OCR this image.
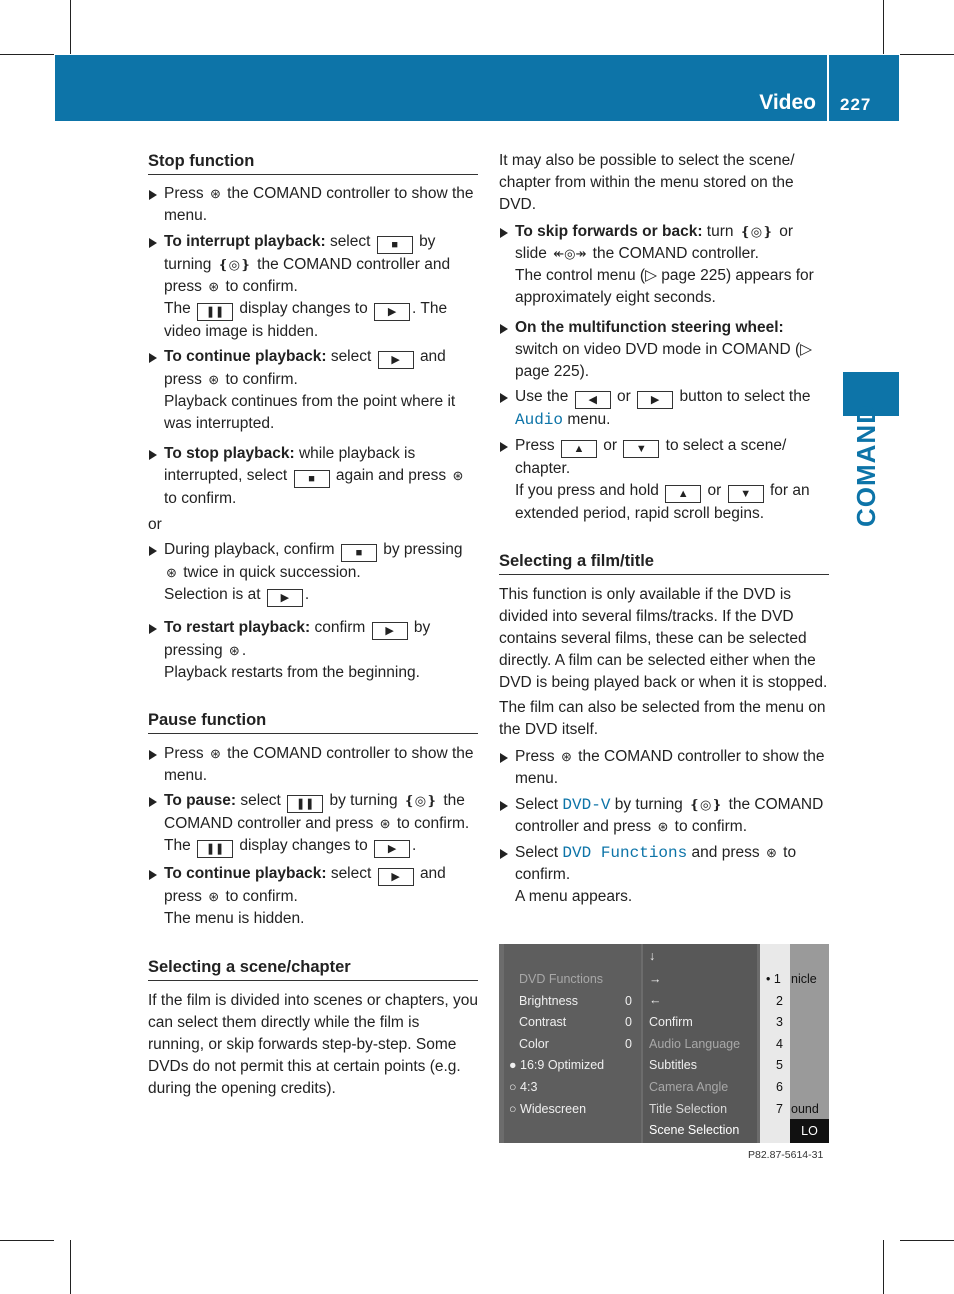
Video 227
COMAND
Stop function

Press ⊛ the COMAND controller to show the menu.

To interrupt playback: select ■ by turning ❴◎❵ the COMAND controller and press ⊛ to confirm.
The ❚❚ display changes to ▶ . The video image is hidden.

To continue playback: select ▶ and press ⊛ to confirm.
Playback continues from the point where it was interrupted.

To stop playback: while playback is interrupted, select ■ again and press ⊛ to confirm.

or

During playback, confirm ■ by pressing ⊛ twice in quick succession.
Selection is at ▶ .

To restart playback: confirm ▶ by pressing ⊛ .
Playback restarts from the beginning.

Pause function

Press ⊛ the COMAND controller to show the menu.

To pause: select ❚❚ by turning ❴◎❵ the COMAND controller and press ⊛ to confirm.
The ❚❚ display changes to ▶ .

To continue playback: select ▶ and press ⊛ to confirm.
The menu is hidden.

Selecting a scene/chapter

If the film is divided into scenes or chapters, you can select them directly while the film is running, or skip forwards step-by-step. Some DVDs do not permit this at certain points (e.g. during the opening credits).

It may also be possible to select the scene/ chapter from within the menu stored on the DVD.

To skip forwards or back: turn ❴◎❵ or slide ↞◎↠ the COMAND controller.
The control menu (▷ page 225) appears for approximately eight seconds.

On the multifunction steering wheel: switch on video DVD mode in COMAND (▷ page 225).

Use the ◀ or ▶ button to select the Audio menu.

Press ▲ or ▼ to select a scene/ chapter.
If you press and hold ▲ or ▼ for an extended period, rapid scroll begins.

Selecting a film/title

This function is only available if the DVD is divided into several films/tracks. If the DVD contains several films, these can be selected directly. A film can be selected either when the DVD is being played back or when it is stopped.

The film can also be selected from the menu on the DVD itself.

Press ⊛ the COMAND controller to show the menu.

Select DVD-V by turning ❴◎❵ the COMAND controller and press ⊛ to confirm.

Select DVD Functions and press ⊛ to confirm.
A menu appears.

DVD Functions
Brightness
Contrast
Color
0
0
0
● 16:9 Optimized
○ 4:3
○ Widescreen
↓
→
←
Confirm
Audio Language
Subtitles
Camera Angle
Title Selection
Scene Selection
• 1
2
3
4
5
6
7
nicle
ound
LO
P82.87-5614-31
